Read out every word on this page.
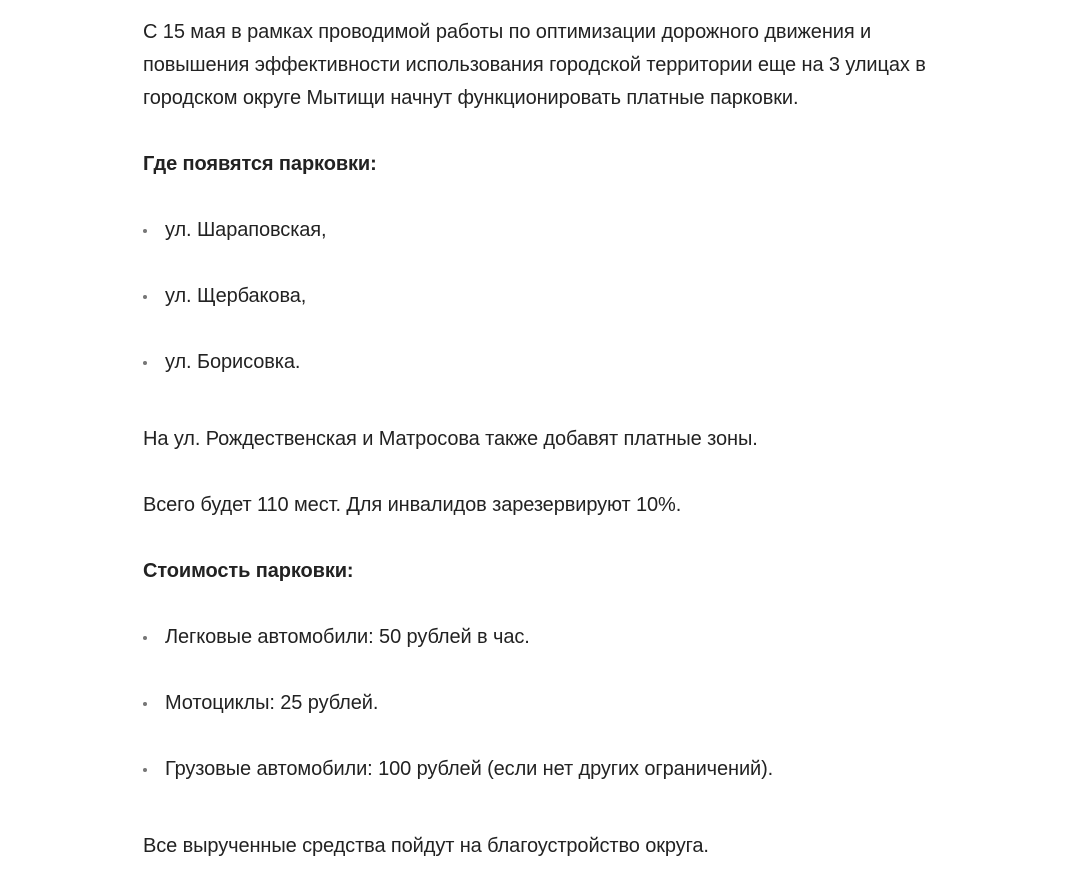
С 15 мая в рамках проводимой работы по оптимизации дорожного движения и повышения эффективности использования городской территории еще на 3 улицах в городском округе Мытищи начнут функционировать платные парковки.

Где появятся парковки:

ул. Шараповская,
ул. Щербакова,
ул. Борисовка.

На ул. Рождественская и Матросова также добавят платные зоны.

Всего будет 110 мест. Для инвалидов зарезервируют 10%.

Стоимость парковки:

Легковые автомобили: 50 рублей в час.
Мотоциклы: 25 рублей.
Грузовые автомобили: 100 рублей (если нет других ограничений).

Все вырученные средства пойдут на благоустройство округа.
